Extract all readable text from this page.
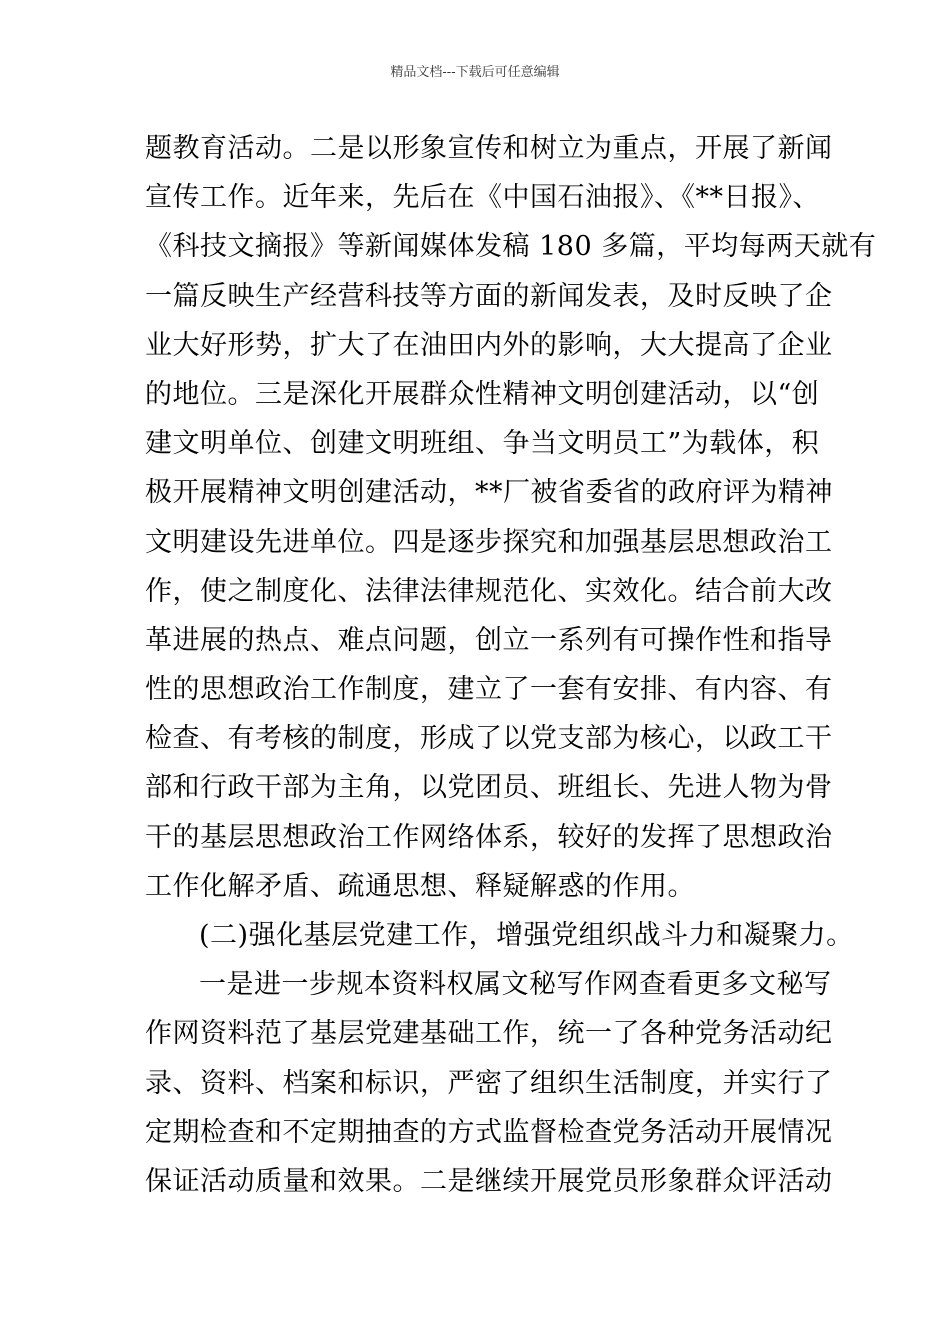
精品文档---下载后可任意编辑
题教育活动。二是以形象宣传和树立为重点，开展了新闻
宣传工作。近年来，先后在《中国石油报》、《**日报》、
《科技文摘报》等新闻媒体发稿 180 多篇，平均每两天就有
一篇反映生产经营科技等方面的新闻发表，及时反映了企
业大好形势，扩大了在油田内外的影响，大大提高了企业
的地位。三是深化开展群众性精神文明创建活动，以“创
建文明单位、创建文明班组、争当文明员工”为载体，积
极开展精神文明创建活动，**厂被省委省的政府评为精神
文明建设先进单位。四是逐步探究和加强基层思想政治工
作，使之制度化、法律法律规范化、实效化。结合前大改
革进展的热点、难点问题，创立一系列有可操作性和指导
性的思想政治工作制度，建立了一套有安排、有内容、有
检查、有考核的制度，形成了以党支部为核心，以政工干
部和行政干部为主角，以党团员、班组长、先进人物为骨
干的基层思想政治工作网络体系，较好的发挥了思想政治
工作化解矛盾、疏通思想、释疑解惑的作用。
(二)强化基层党建工作，增强党组织战斗力和凝聚力。
一是进一步规本资料权属文秘写作网查看更多文秘写
作网资料范了基层党建基础工作，统一了各种党务活动纪
录、资料、档案和标识，严密了组织生活制度，并实行了
定期检查和不定期抽查的方式监督检查党务活动开展情况
保证活动质量和效果。二是继续开展党员形象群众评活动
